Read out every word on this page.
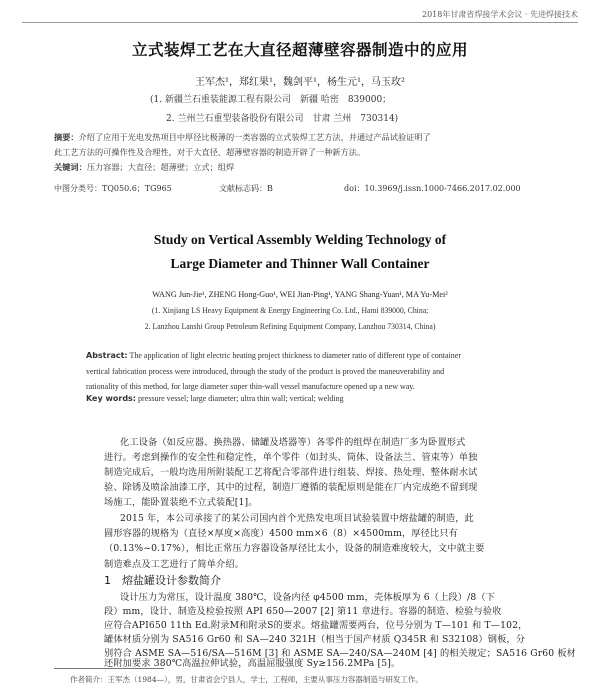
2018年甘肃省焊接学术会议 · 先进焊接技术
立式装焊工艺在大直径超薄壁容器制造中的应用
王军杰¹，郑红果¹，魏剑平¹，杨生元¹，马玉玫²
(1. 新疆兰石重装能源工程有限公司　新疆 哈密　839000；
2. 兰州兰石重型装备股份有限公司　甘肃 兰州　730314)
摘要：介绍了应用于光电发热项目中厚径比极薄的一类容器的立式装焊工艺方法，并通过产品试验证明了
此工艺方法的可操作性及合理性，对于大直径、超薄壁容器的制造开辟了一种新方法。
关键词：压力容器；大直径；超薄壁；立式；组焊
中图分类号：TQ050.6；TG965	文献标志码：B	doi：10.3969/j.issn.1000-7466.2017.02.000
Study on Vertical Assembly Welding Technology of
Large Diameter and Thinner Wall Container
WANG Jun-Jie¹, ZHENG Hong-Guo¹, WEI Jian-Ping¹, YANG Shang-Yuan¹, MA Yu-Mei²
(1. Xinjiang LS Heavy Equipment & Energy Engineering Co. Ltd., Hami 839000, China;
2. Lanzhou Lanshi Group Petroleum Refining Equipment Company, Lanzhou 730314, China)
Abstract: The application of light electric heating project thickness to diameter ratio of different type of container
vertical fabrication process were introduced, through the study of the product is proved the maneuverability and
rationality of this method, for large diameter super thin-wall vessel manufacture opened up a new way.
Key words: pressure vessel; large diameter; ultra thin wall; vertical; welding
化工设备（如反应器、换热器、储罐及塔器等）各零件的组焊在制造厂多为卧置形式
进行。考虑到操作的安全性和稳定性，单个零件（如封头、筒体、设备法兰、管束等）单独
制造完成后，一般均选用所附装配工艺将配合零部件进行组装、焊接、热处理、整体耐水试
验、除锈及喷涂油漆工序，其中的过程，制造厂遵循的装配原则是能在厂内完成绝不留到现
场施工，能卧置装绝不立式装配[1]。
2015 年，本公司承接了的某公司国内首个光热发电项目试验装置中熔盐罐的制造，此
圆形容器的规格为（直径×厚度×高度）4500 mm×6（8）×4500mm，厚径比只有
（0.13%~0.17%），相比正常压力容器设备厚径比太小，设备的制造难度较大，文中就主要
1　熔盐罐设计参数简介
制造难点及工艺进行了简单介绍。
设计压力为常压，设计温度 380℃，设备内径 φ4500 mm，壳体板厚为 6（上段）/8（下
段）mm，设计、制造及检验按照 API 650—2007 [2] 第11 章进行。容器的制造、检验与验收
应符合API650 11th Ed.附录M和附录S的要求。熔盐罐需要两台，位号分别为 T—101 和 T—102，
罐体材质分别为 SA516 Gr60 和 SA—240 321H（相当于国产材质 Q345R 和 S32108）钢板，分
别符合 ASME SA—516/SA—516M [3] 和 ASME SA—240/SA—240M [4] 的相关规定；SA516 Gr60 板材
还附加要求 380℃高温拉伸试验，高温屈服强度 Sy≥156.2MPa [5]。
作者简介：王军杰（1984—），男，甘肃省会宁县人，学士，工程师，主要从事压力容器制造与研发工作。
